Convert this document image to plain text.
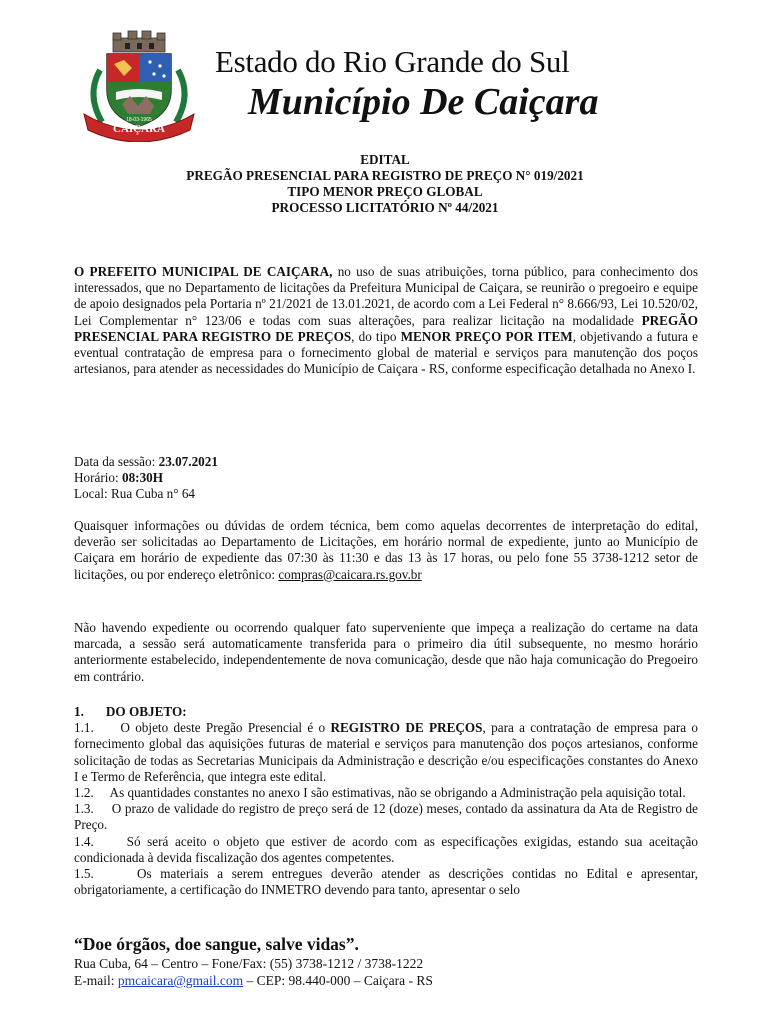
CAIÇARA
18-03-1965
Estado do Rio Grande do Sul
Município De Caiçara
EDITAL
PREGÃO PRESENCIAL PARA REGISTRO DE PREÇO N° 019/2021
TIPO MENOR PREÇO GLOBAL
PROCESSO LICITATÓRIO Nº 44/2021

O PREFEITO MUNICIPAL DE CAIÇARA, no uso de suas atribuições, torna público, para conhecimento dos interessados, que no Departamento de licitações da Prefeitura Municipal de Caiçara, se reunirão o pregoeiro e equipe de apoio designados pela Portaria nº 21/2021 de 13.01.2021, de acordo com a Lei Federal n° 8.666/93, Lei 10.520/02, Lei Complementar n° 123/06 e todas com suas alterações, para realizar licitação na modalidade PREGÃO PRESENCIAL PARA REGISTRO DE PREÇOS, do tipo MENOR PREÇO POR ITEM, objetivando a futura e eventual contratação de empresa para o fornecimento global de material e serviços para manutenção dos poços artesianos, para atender as necessidades do Município de Caiçara - RS, conforme especificação detalhada no Anexo I.

Data da sessão: 23.07.2021

Horário: 08:30H

Local: Rua Cuba n° 64

Quaisquer informações ou dúvidas de ordem técnica, bem como aquelas decorrentes de interpretação do edital, deverão ser solicitadas ao Departamento de Licitações, em horário normal de expediente, junto ao Município de Caiçara em horário de expediente das 07:30 às 11:30 e das 13 às 17 horas, ou pelo fone 55 3738-1212 setor de licitações, ou por endereço eletrônico: compras@caicara.rs.gov.br

Não havendo expediente ou ocorrendo qualquer fato superveniente que impeça a realização do certame na data marcada, a sessão será automaticamente transferida para o primeiro dia útil subsequente, no mesmo horário anteriormente estabelecido, independentemente de nova comunicação, desde que não haja comunicação do Pregoeiro em contrário.

1. DO OBJETO:

1.1. O objeto deste Pregão Presencial é o REGISTRO DE PREÇOS, para a contratação de empresa para o fornecimento global das aquisições futuras de material e serviços para manutenção dos poços artesianos, conforme solicitação de todas as Secretarias Municipais da Administração e descrição e/ou especificações constantes do Anexo I e Termo de Referência, que integra este edital.

1.2. As quantidades constantes no anexo I são estimativas, não se obrigando a Administração pela aquisição total.

1.3. O prazo de validade do registro de preço será de 12 (doze) meses, contado da assinatura da Ata de Registro de Preço.

1.4. Só será aceito o objeto que estiver de acordo com as especificações exigidas, estando sua aceitação condicionada à devida fiscalização dos agentes competentes.

1.5.	Os materiais a serem entregues deverão atender as descrições contidas no Edital e apresentar, obrigatoriamente, a certificação do INMETRO devendo para tanto, apresentar o selo

“Doe órgãos, doe sangue, salve vidas”.
Rua Cuba, 64 – Centro – Fone/Fax: (55) 3738-1212 / 3738-1222
E-mail: pmcaicara@gmail.com – CEP: 98.440-000 – Caiçara - RS
